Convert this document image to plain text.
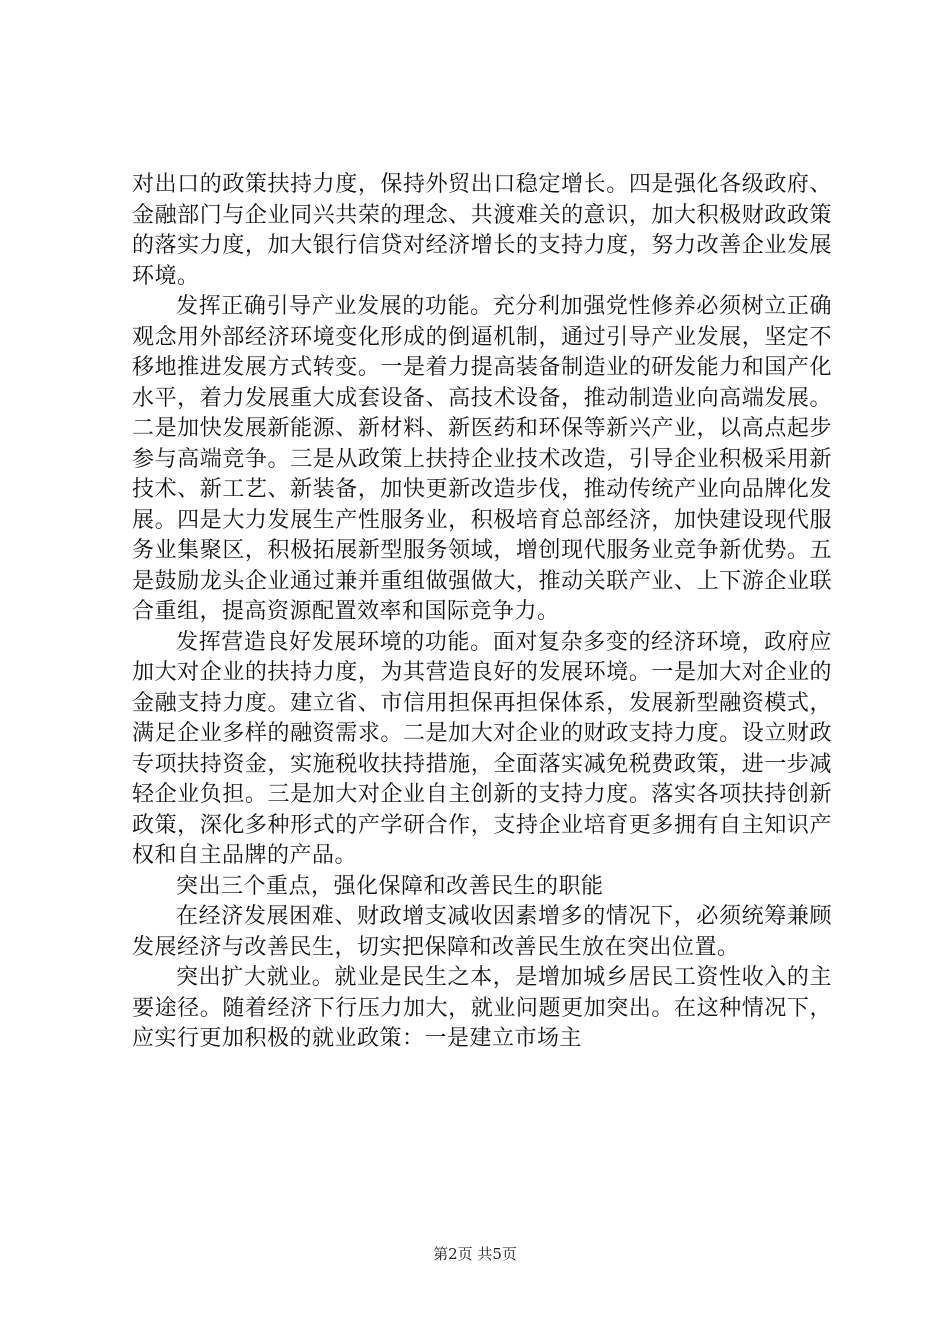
对出口的政策扶持力度，保持外贸出口稳定增长。四是强化各级政府、金融部门与企业同兴共荣的理念、共渡难关的意识，加大积极财政政策的落实力度，加大银行信贷对经济增长的支持力度，努力改善企业发展环境。

发挥正确引导产业发展的功能。充分利加强党性修养必须树立正确观念用外部经济环境变化形成的倒逼机制，通过引导产业发展，坚定不移地推进发展方式转变。一是着力提高装备制造业的研发能力和国产化水平，着力发展重大成套设备、高技术设备，推动制造业向高端发展。二是加快发展新能源、新材料、新医药和环保等新兴产业，以高点起步参与高端竞争。三是从政策上扶持企业技术改造，引导企业积极采用新技术、新工艺、新装备，加快更新改造步伐，推动传统产业向品牌化发展。四是大力发展生产性服务业，积极培育总部经济，加快建设现代服务业集聚区，积极拓展新型服务领域，增创现代服务业竞争新优势。五是鼓励龙头企业通过兼并重组做强做大，推动关联产业、上下游企业联合重组，提高资源配置效率和国际竞争力。

发挥营造良好发展环境的功能。面对复杂多变的经济环境，政府应加大对企业的扶持力度，为其营造良好的发展环境。一是加大对企业的金融支持力度。建立省、市信用担保再担保体系，发展新型融资模式，满足企业多样的融资需求。二是加大对企业的财政支持力度。设立财政专项扶持资金，实施税收扶持措施，全面落实减免税费政策，进一步减轻企业负担。三是加大对企业自主创新的支持力度。落实各项扶持创新政策，深化多种形式的产学研合作，支持企业培育更多拥有自主知识产权和自主品牌的产品。

突出三个重点，强化保障和改善民生的职能

在经济发展困难、财政增支减收因素增多的情况下，必须统筹兼顾发展经济与改善民生，切实把保障和改善民生放在突出位置。

突出扩大就业。就业是民生之本，是增加城乡居民工资性收入的主要途径。随着经济下行压力加大，就业问题更加突出。在这种情况下，应实行更加积极的就业政策：一是建立市场主

第2页 共5页
